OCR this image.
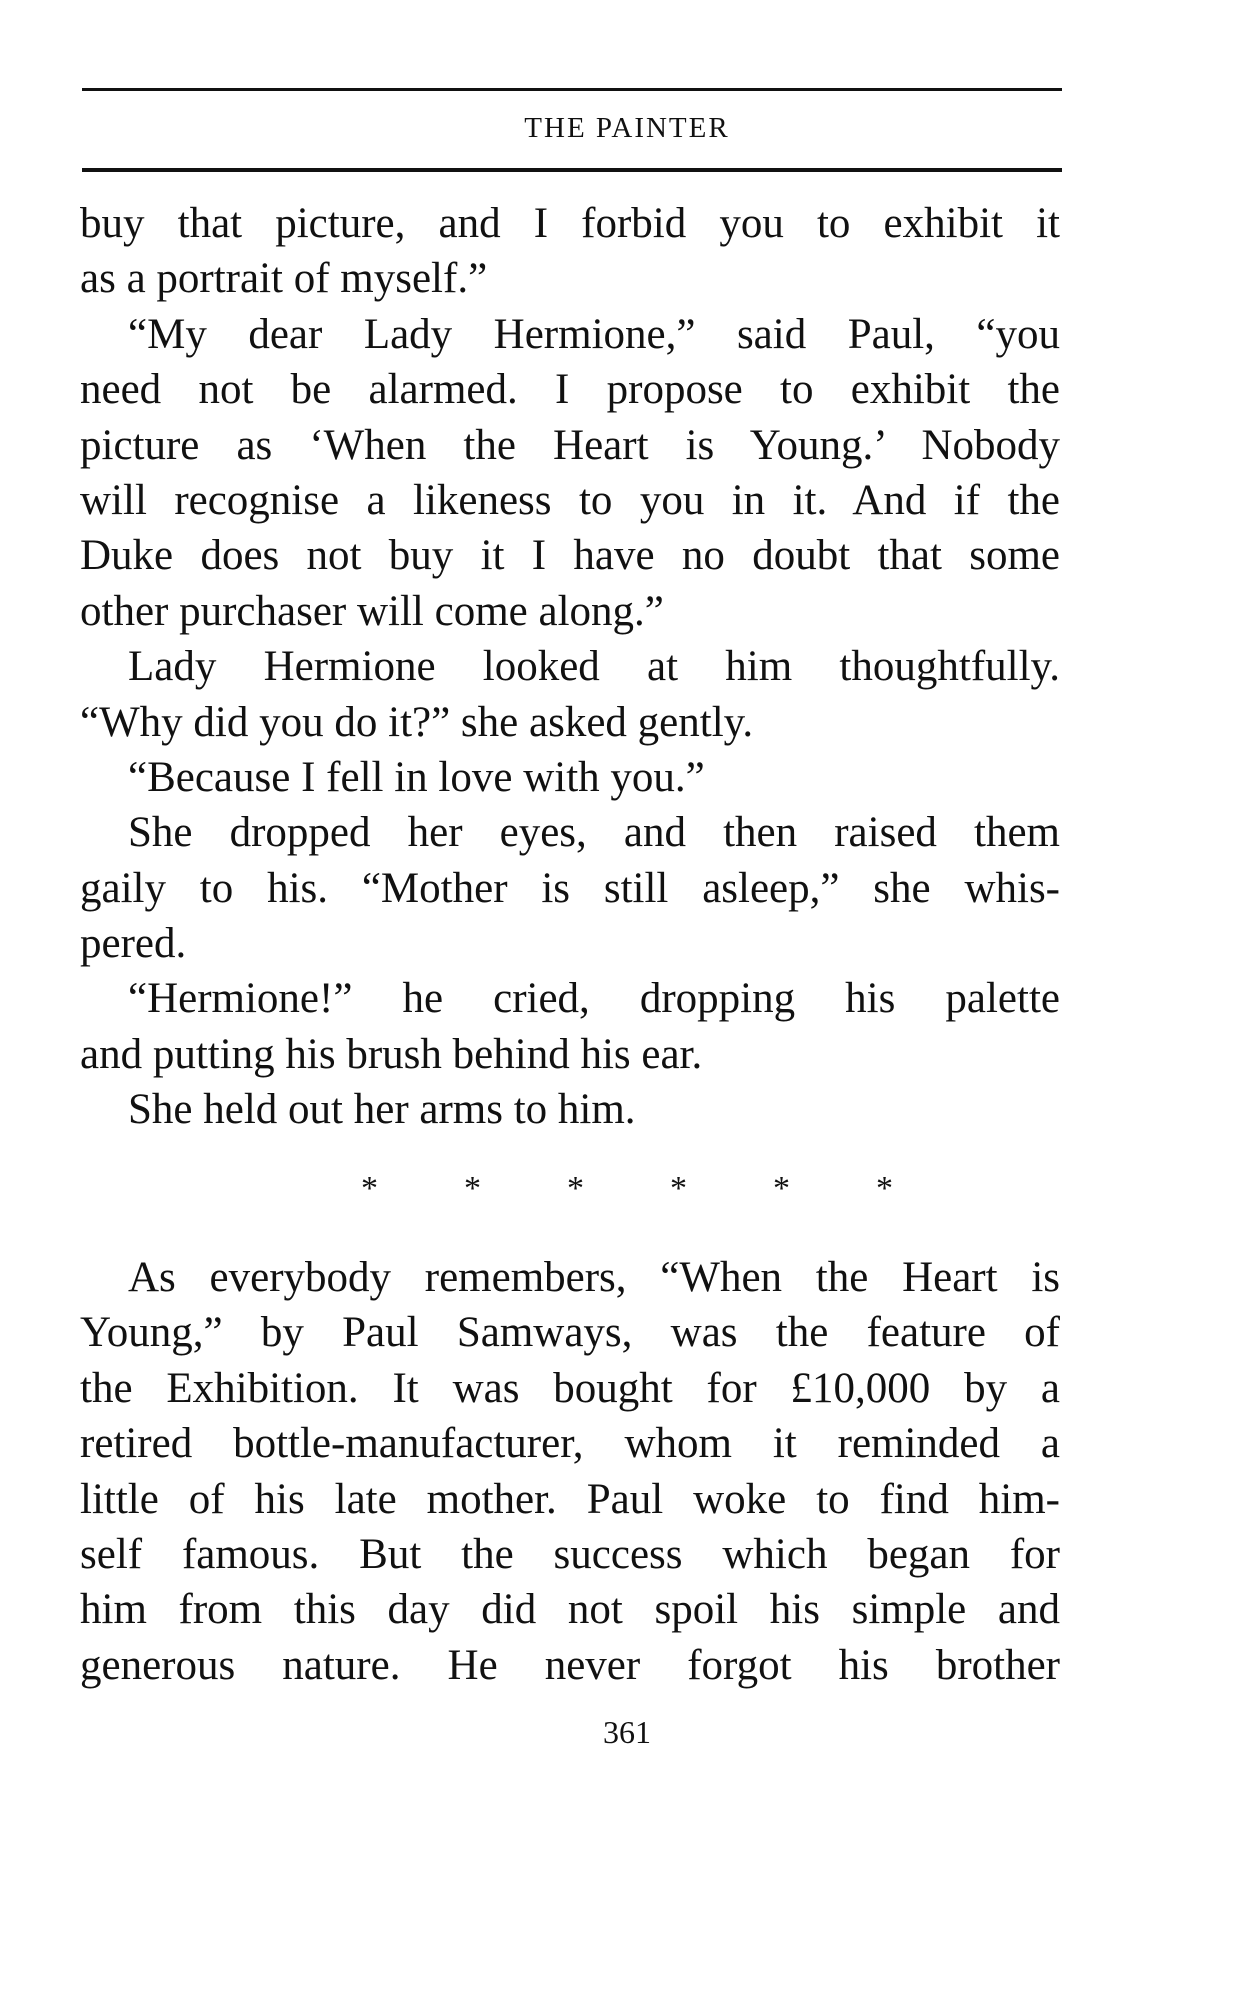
THE PAINTER
buy that picture, and I forbid you to exhibit it
as a portrait of myself.”
“My dear Lady Hermione,” said Paul, “you
need not be alarmed. I propose to exhibit the
picture as ‘When the Heart is Young.’ Nobody
will recognise a likeness to you in it. And if the
Duke does not buy it I have no doubt that some
other purchaser will come along.”
Lady Hermione looked at him thoughtfully.
“Why did you do it?” she asked gently.
“Because I fell in love with you.”
She dropped her eyes, and then raised them
gaily to his. “Mother is still asleep,” she whis-
pered.
“Hermione!” he cried, dropping his palette
and putting his brush behind his ear.
She held out her arms to him.
*	*	*	*	*	*
As everybody remembers, “When the Heart is
Young,” by Paul Samways, was the feature of
the Exhibition. It was bought for £10,000 by a
retired bottle-manufacturer, whom it reminded a
little of his late mother. Paul woke to find him-
self famous. But the success which began for
him from this day did not spoil his simple and
generous nature. He never forgot his brother
361
